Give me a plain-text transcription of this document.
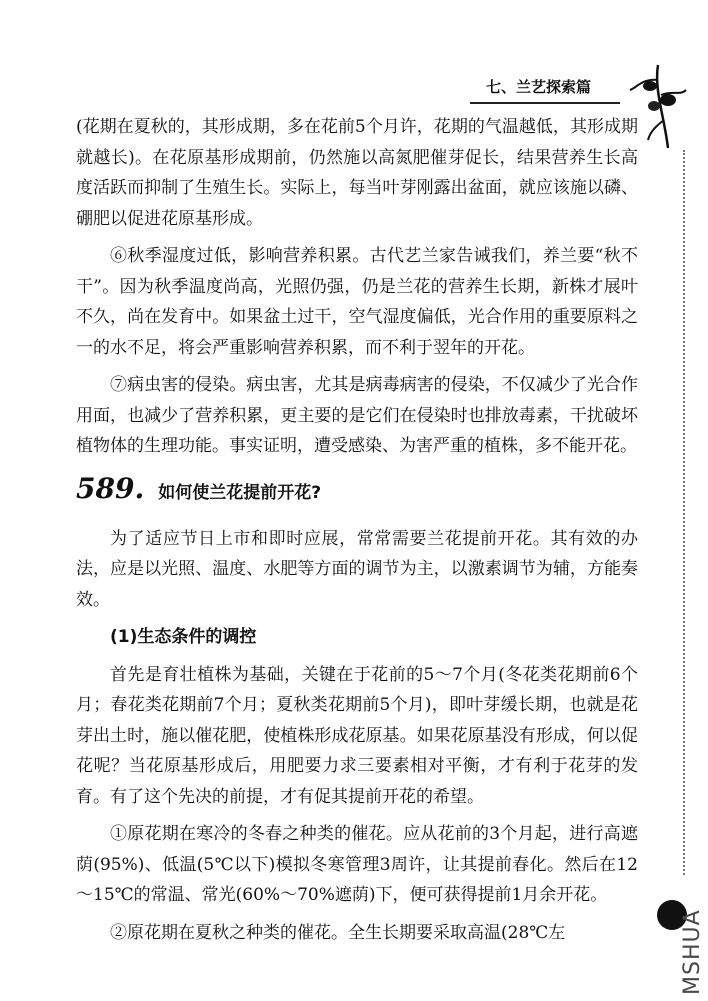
七、兰艺探索篇
MSHUA

(花期在夏秋的，其形成期，多在花前5个月许，花期的气温越低，其形成期就越长)。在花原基形成期前，仍然施以高氮肥催芽促长，结果营养生长高度活跃而抑制了生殖生长。实际上，每当叶芽刚露出盆面，就应该施以磷、硼肥以促进花原基形成。

⑥秋季湿度过低，影响营养积累。古代艺兰家告诫我们，养兰要“秋不干”。因为秋季温度尚高，光照仍强，仍是兰花的营养生长期，新株才展叶不久，尚在发育中。如果盆土过干，空气湿度偏低，光合作用的重要原料之一的水不足，将会严重影响营养积累，而不利于翌年的开花。

⑦病虫害的侵染。病虫害，尤其是病毒病害的侵染，不仅减少了光合作用面，也减少了营养积累，更主要的是它们在侵染时也排放毒素，干扰破坏植物体的生理功能。事实证明，遭受感染、为害严重的植株，多不能开花。

589. 如何使兰花提前开花?

为了适应节日上市和即时应展，常常需要兰花提前开花。其有效的办法，应是以光照、温度、水肥等方面的调节为主，以激素调节为辅，方能奏效。

(1)生态条件的调控

首先是育壮植株为基础，关键在于花前的5～7个月(冬花类花期前6个月；春花类花期前7个月；夏秋类花期前5个月)，即叶芽缓长期，也就是花芽出土时，施以催花肥，使植株形成花原基。如果花原基没有形成，何以促花呢？当花原基形成后，用肥要力求三要素相对平衡，才有利于花芽的发育。有了这个先决的前提，才有促其提前开花的希望。

①原花期在寒冷的冬春之种类的催花。应从花前的3个月起，进行高遮荫(95%)、低温(5℃以下)模拟冬寒管理3周许，让其提前春化。然后在12～15℃的常温、常光(60%～70%遮荫)下，便可获得提前1月余开花。

②原花期在夏秋之种类的催花。全生长期要采取高温(28℃左
